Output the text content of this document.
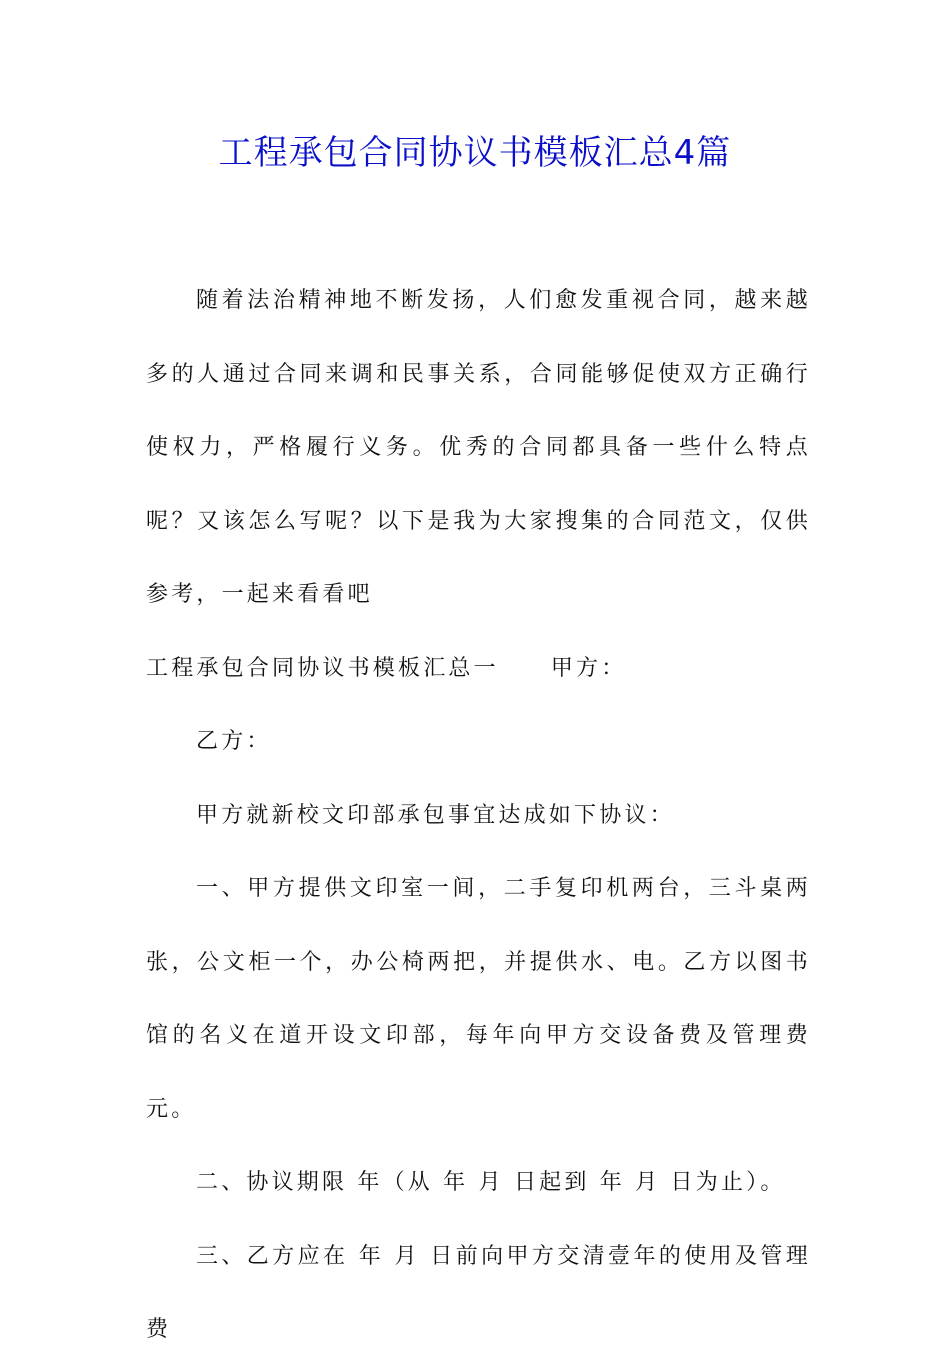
工程承包合同协议书模板汇总4篇

随着法治精神地不断发扬，人们愈发重视合同，越来越多的人通过合同来调和民事关系，合同能够促使双方正确行使权力，严格履行义务。优秀的合同都具备一些什么特点呢？又该怎么写呢？以下是我为大家搜集的合同范文，仅供参考，一起来看看吧

工程承包合同协议书模板汇总一 甲方：

乙方：

甲方就新校文印部承包事宜达成如下协议：

一、甲方提供文印室一间，二手复印机两台，三斗桌两张，公文柜一个，办公椅两把，并提供水、电。乙方以图书馆的名义在道开设文印部，每年向甲方交设备费及管理费 元。

二、协议期限 年（从 年 月 日起到 年 月 日为止）。

三、乙方应在 年 月 日前向甲方交清壹年的使用及管理费
